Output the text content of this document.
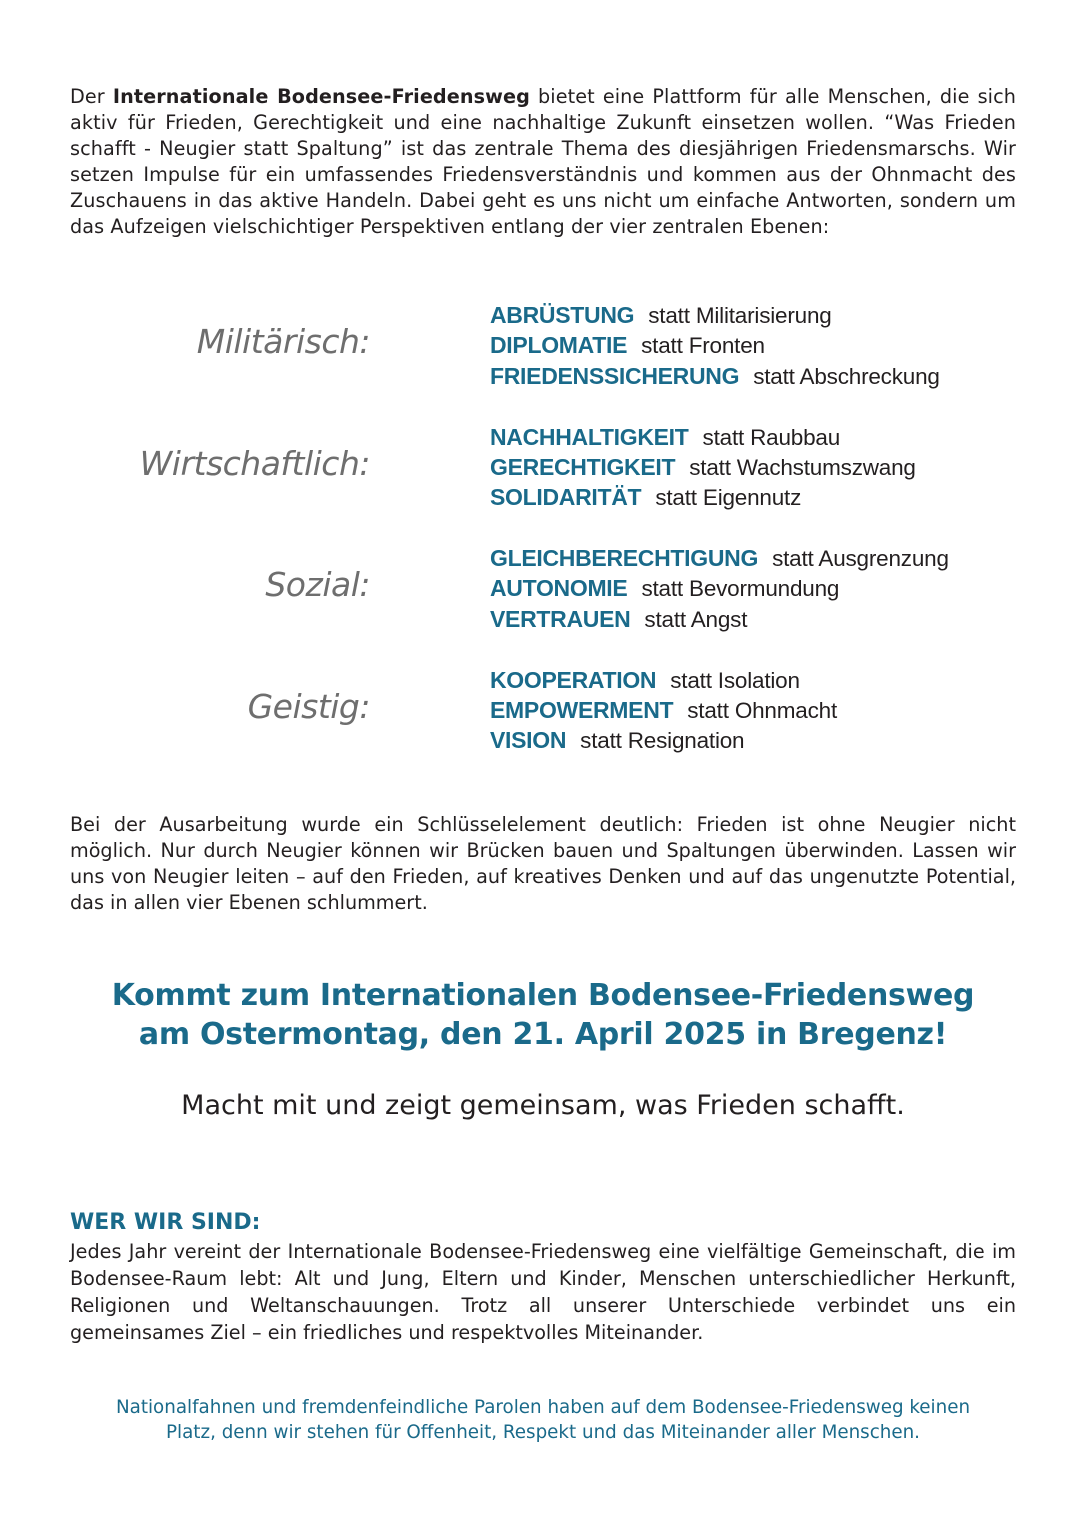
Der Internationale Bodensee-Friedensweg bietet eine Plattform für alle Menschen, die sich aktiv für Frieden, Gerechtigkeit und eine nachhaltige Zukunft einsetzen wollen. “Was Frieden schafft - Neugier statt Spaltung” ist das zentrale Thema des diesjährigen Friedensmarschs. Wir setzen Impulse für ein umfassendes Friedensverständnis und kommen aus der Ohnmacht des Zuschauens in das aktive Handeln. Dabei geht es uns nicht um einfache Antworten, sondern um das Aufzeigen vielschichtiger Perspektiven entlang der vier zentralen Ebenen:
Militärisch:
ABRÜSTUNG statt Militarisierung
DIPLOMATIE statt Fronten
FRIEDENSSICHERUNG statt Abschreckung
Wirtschaftlich:
NACHHALTIGKEIT statt Raubbau
GERECHTIGKEIT statt Wachstumszwang
SOLIDARITÄT statt Eigennutz
Sozial:
GLEICHBERECHTIGUNG statt Ausgrenzung
AUTONOMIE statt Bevormundung
VERTRAUEN statt Angst
Geistig:
KOOPERATION statt Isolation
EMPOWERMENT statt Ohnmacht
VISION statt Resignation
Bei der Ausarbeitung wurde ein Schlüsselelement deutlich: Frieden ist ohne Neugier nicht möglich. Nur durch Neugier können wir Brücken bauen und Spaltungen überwinden. Lassen wir uns von Neugier leiten – auf den Frieden, auf kreatives Denken und auf das ungenutzte Potential, das in allen vier Ebenen schlummert.
Kommt zum Internationalen Bodensee-Friedensweg
am Ostermontag, den 21. April 2025 in Bregenz!
Macht mit und zeigt gemeinsam, was Frieden schafft.
WER WIR SIND:
Jedes Jahr vereint der Internationale Bodensee-Friedensweg eine vielfältige Gemeinschaft, die im Bodensee-Raum lebt: Alt und Jung, Eltern und Kinder, Menschen unterschiedlicher Herkunft, Religionen und Weltanschauungen. Trotz all unserer Unterschiede verbindet uns ein gemeinsames Ziel – ein friedliches und respektvolles Miteinander.
Nationalfahnen und fremdenfeindliche Parolen haben auf dem Bodensee-Friedensweg keinen
Platz, denn wir stehen für Offenheit, Respekt und das Miteinander aller Menschen.
